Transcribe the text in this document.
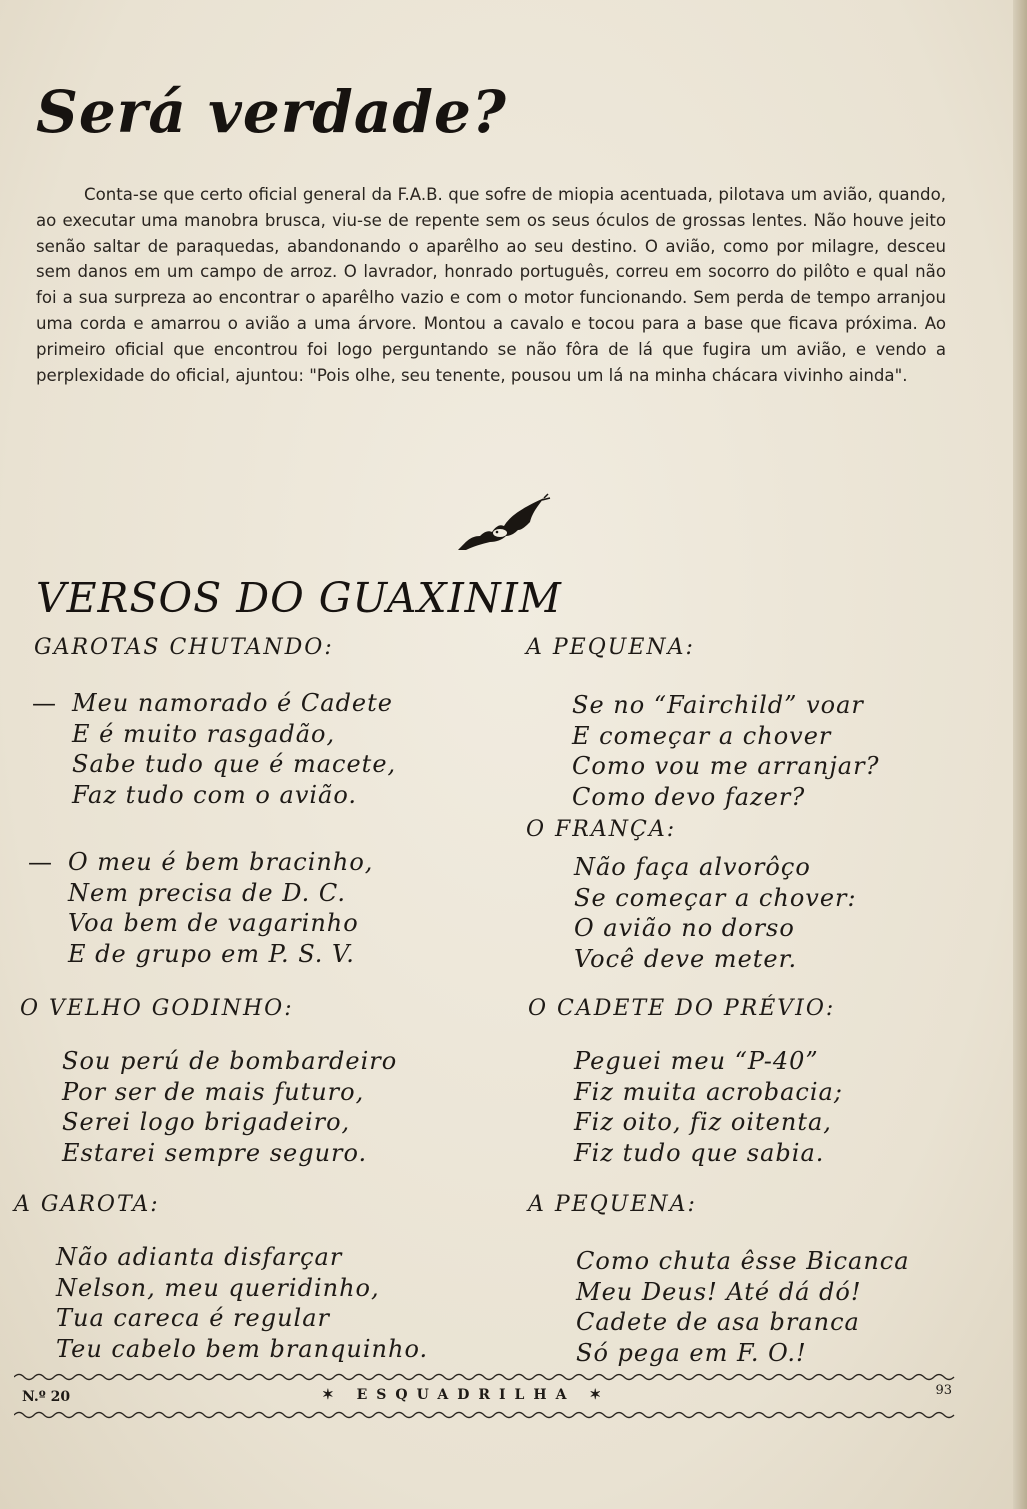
Será verdade?

Conta-se que certo oficial general da F.A.B. que sofre de miopia acentuada, pilotava um avião, quando, ao executar uma manobra brusca, viu-se de repente sem os seus óculos de grossas lentes. Não houve jeito senão saltar de paraquedas, abandonando o aparêlho ao seu destino. O avião, como por milagre, desceu sem danos em um campo de arroz. O lavrador, honrado português, correu em socorro do pilôto e qual não foi a sua surpreza ao encontrar o aparêlho vazio e com o motor funcionando. Sem perda de tempo arranjou uma corda e amarrou o avião a uma árvore. Montou a cavalo e tocou para a base que ficava próxima. Ao primeiro oficial que encontrou foi logo perguntando se não fôra de lá que fugira um avião, e vendo a perplexidade do oficial, ajuntou: "Pois olhe, seu tenente, pousou um lá na minha chácara vivinho ainda".

VERSOS DO GUAXINIM
GAROTAS CHUTANDO:
— Meu namorado é Cadete
E é muito rasgadão,
Sabe tudo que é macete,
Faz tudo com o avião.
— O meu é bem bracinho,
Nem precisa de D. C.
Voa bem de vagarinho
E de grupo em P. S. V.
O VELHO GODINHO:
Sou perú de bombardeiro
Por ser de mais futuro,
Serei logo brigadeiro,
Estarei sempre seguro.
A GAROTA:
Não adianta disfarçar
Nelson, meu queridinho,
Tua careca é regular
Teu cabelo bem branquinho.
A PEQUENA:
Se no “Fairchild” voar
E começar a chover
Como vou me arranjar?
Como devo fazer?
O FRANÇA:
Não faça alvorôço
Se começar a chover:
O avião no dorso
Você deve meter.
O CADETE DO PRÉVIO:
Peguei meu “P-40”
Fiz muita acrobacia;
Fiz oito, fiz oitenta,
Fiz tudo que sabia.
A PEQUENA:
Como chuta êsse Bicanca
Meu Deus! Até dá dó!
Cadete de asa branca
Só pega em F. O.!
N.º 20	✶ ESQUADRILHA ✶	93
